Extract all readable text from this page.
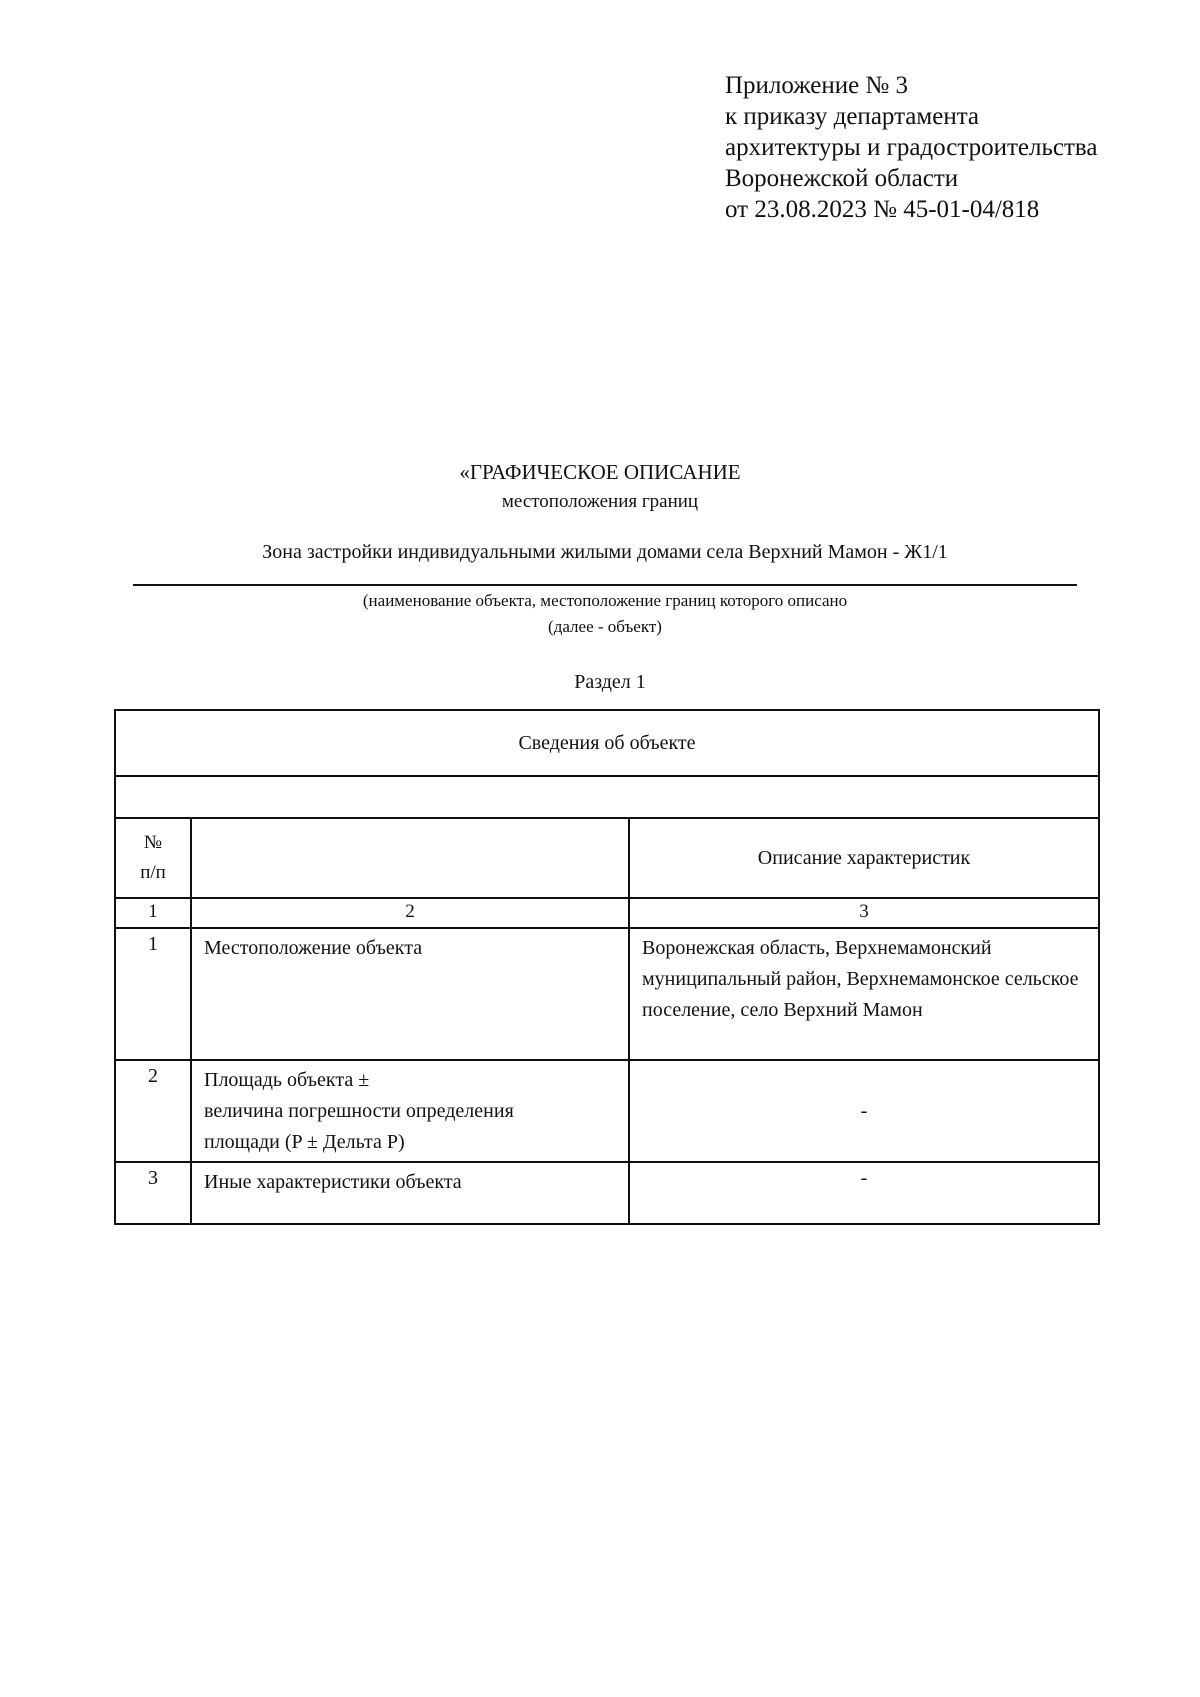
Приложение № 3
к приказу департамента
архитектуры и градостроительства
Воронежской области
от 23.08.2023 № 45-01-04/818
«ГРАФИЧЕСКОЕ ОПИСАНИЕ
местоположения границ
Зона застройки индивидуальными жилыми домами села Верхний Мамон - Ж1/1
(наименование объекта, местоположение границ которого описано
(далее - объект)
Раздел 1
Сведения об объекте		

№
п/п		Описание характеристик
1	2	3
1	Местоположение объекта	Воронежская область, Верхнемамонский муниципальный район, Верхнемамонское сельское поселение, село Верхний Мамон
2	Площадь объекта ±
величина погрешности определения
площади (P ± Дельта P)	-
3	Иные характеристики объекта	-
